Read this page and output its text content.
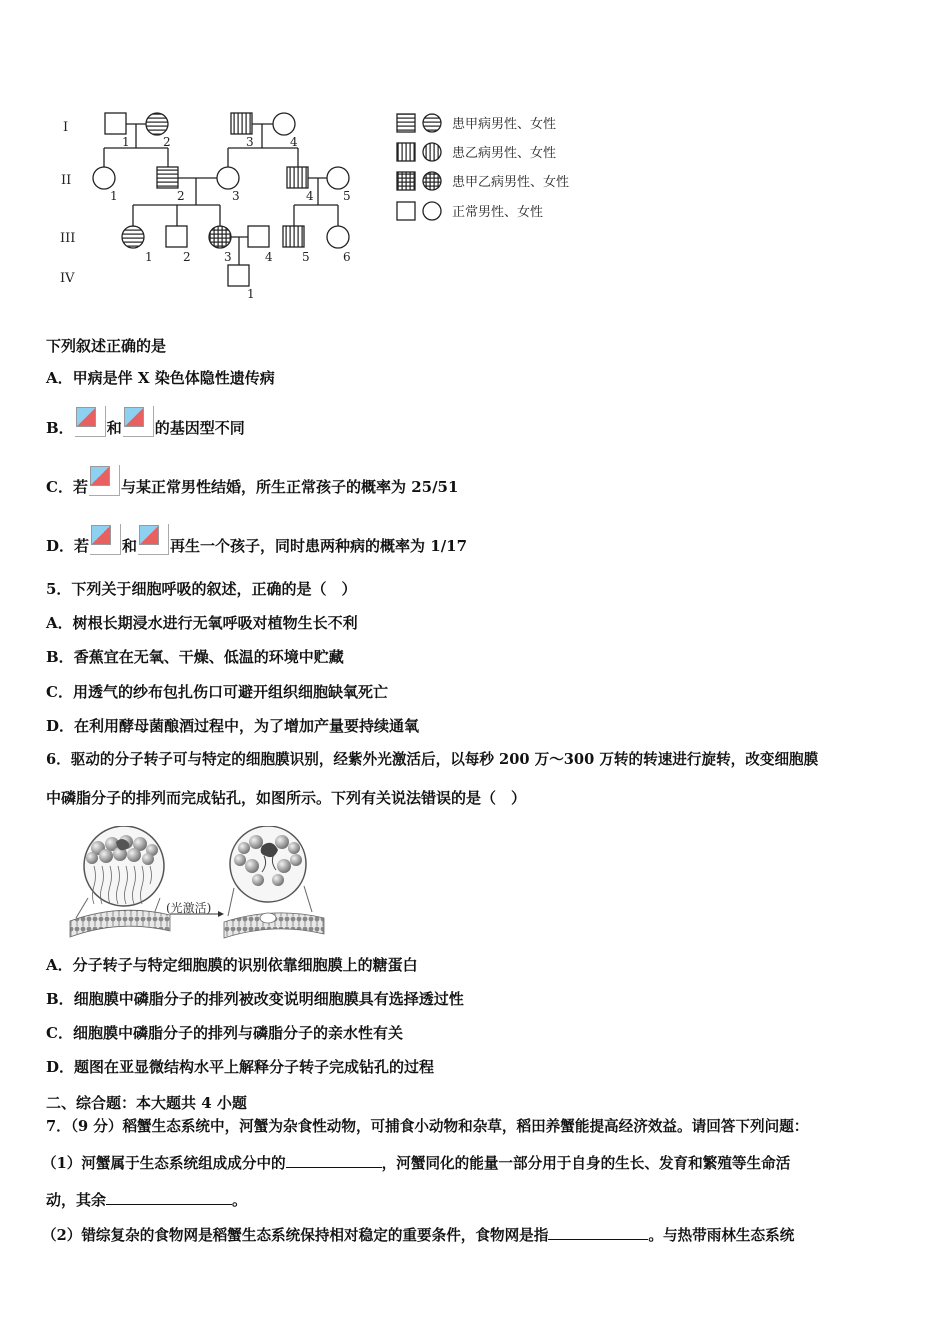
I
II
III
IV
1	2	3	4
1	2	3	4 5
1	2	3	4 5	6
1
患甲病男性、女性
患乙病男性、女性
患甲乙病男性、女性
正常男性、女性
下列叙述正确的是
A．甲病是伴 X 染色体隐性遗传病
B． 和 的基因型不同
C．若 与某正常男性结婚，所生正常孩子的概率为 25/51
D．若 和 再生一个孩子，同时患两种病的概率为 1/17
5．下列关于细胞呼吸的叙述，正确的是（　）
A．树根长期浸水进行无氧呼吸对植物生长不利
B．香蕉宜在无氧、干燥、低温的环境中贮藏
C．用透气的纱布包扎伤口可避开组织细胞缺氧死亡
D．在利用酵母菌酿酒过程中，为了增加产量要持续通氧
6．驱动的分子转子可与特定的细胞膜识别，经紫外光激活后，以每秒 200 万～300 万转的转速进行旋转，改变细胞膜
中磷脂分子的排列而完成钻孔，如图所示。下列有关说法错误的是（　）
(光激活)
A．分子转子与特定细胞膜的识别依靠细胞膜上的糖蛋白
B．细胞膜中磷脂分子的排列被改变说明细胞膜具有选择透过性
C．细胞膜中磷脂分子的排列与磷脂分子的亲水性有关
D．题图在亚显微结构水平上解释分子转子完成钻孔的过程
二、综合题：本大题共 4 小题
7．（9 分）稻蟹生态系统中，河蟹为杂食性动物，可捕食小动物和杂草，稻田养蟹能提高经济效益。请回答下列问题：
（1）河蟹属于生态系统组成成分中的	，河蟹同化的能量一部分用于自身的生长、发育和繁殖等生命活
动，其余	。
（2）错综复杂的食物网是稻蟹生态系统保持相对稳定的重要条件，食物网是指	。与热带雨林生态系统
